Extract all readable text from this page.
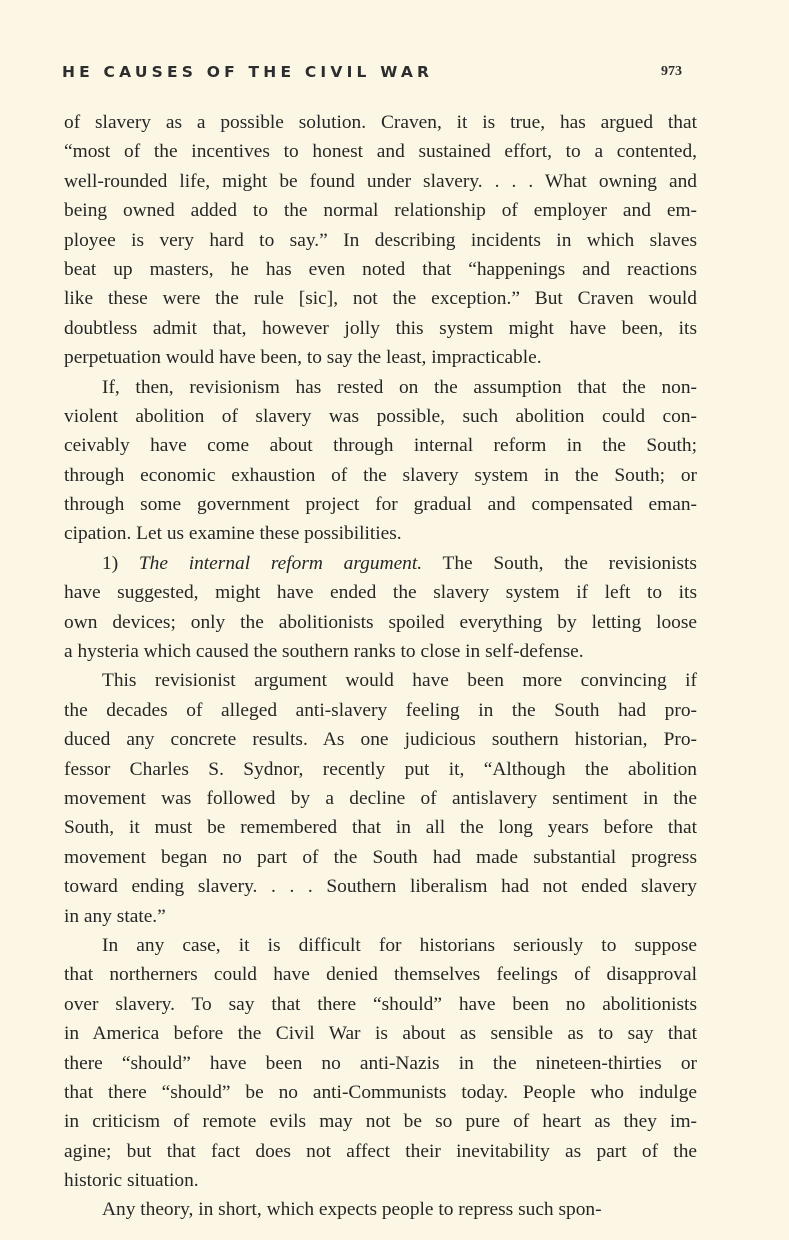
HE CAUSES OF THE CIVIL WAR	973
of slavery as a possible solution. Craven, it is true, has argued that
“most of the incentives to honest and sustained effort, to a contented,
well-rounded life, might be found under slavery. . . . What owning and
being owned added to the normal relationship of employer and em-
ployee is very hard to say.” In describing incidents in which slaves
beat up masters, he has even noted that “happenings and reactions
like these were the rule [sic], not the exception.” But Craven would
doubtless admit that, however jolly this system might have been, its
perpetuation would have been, to say the least, impracticable.
If, then, revisionism has rested on the assumption that the non-
violent abolition of slavery was possible, such abolition could con-
ceivably have come about through internal reform in the South;
through economic exhaustion of the slavery system in the South; or
through some government project for gradual and compensated eman-
cipation. Let us examine these possibilities.
1) The internal reform argument. The South, the revisionists
have suggested, might have ended the slavery system if left to its
own devices; only the abolitionists spoiled everything by letting loose
a hysteria which caused the southern ranks to close in self-defense.
This revisionist argument would have been more convincing if
the decades of alleged anti-slavery feeling in the South had pro-
duced any concrete results. As one judicious southern historian, Pro-
fessor Charles S. Sydnor, recently put it, “Although the abolition
movement was followed by a decline of antislavery sentiment in the
South, it must be remembered that in all the long years before that
movement began no part of the South had made substantial progress
toward ending slavery. . . . Southern liberalism had not ended slavery
in any state.”
In any case, it is difficult for historians seriously to suppose
that northerners could have denied themselves feelings of disapproval
over slavery. To say that there “should” have been no abolitionists
in America before the Civil War is about as sensible as to say that
there “should” have been no anti-Nazis in the nineteen-thirties or
that there “should” be no anti-Communists today. People who indulge
in criticism of remote evils may not be so pure of heart as they im-
agine; but that fact does not affect their inevitability as part of the
historic situation.
Any theory, in short, which expects people to repress such spon-
